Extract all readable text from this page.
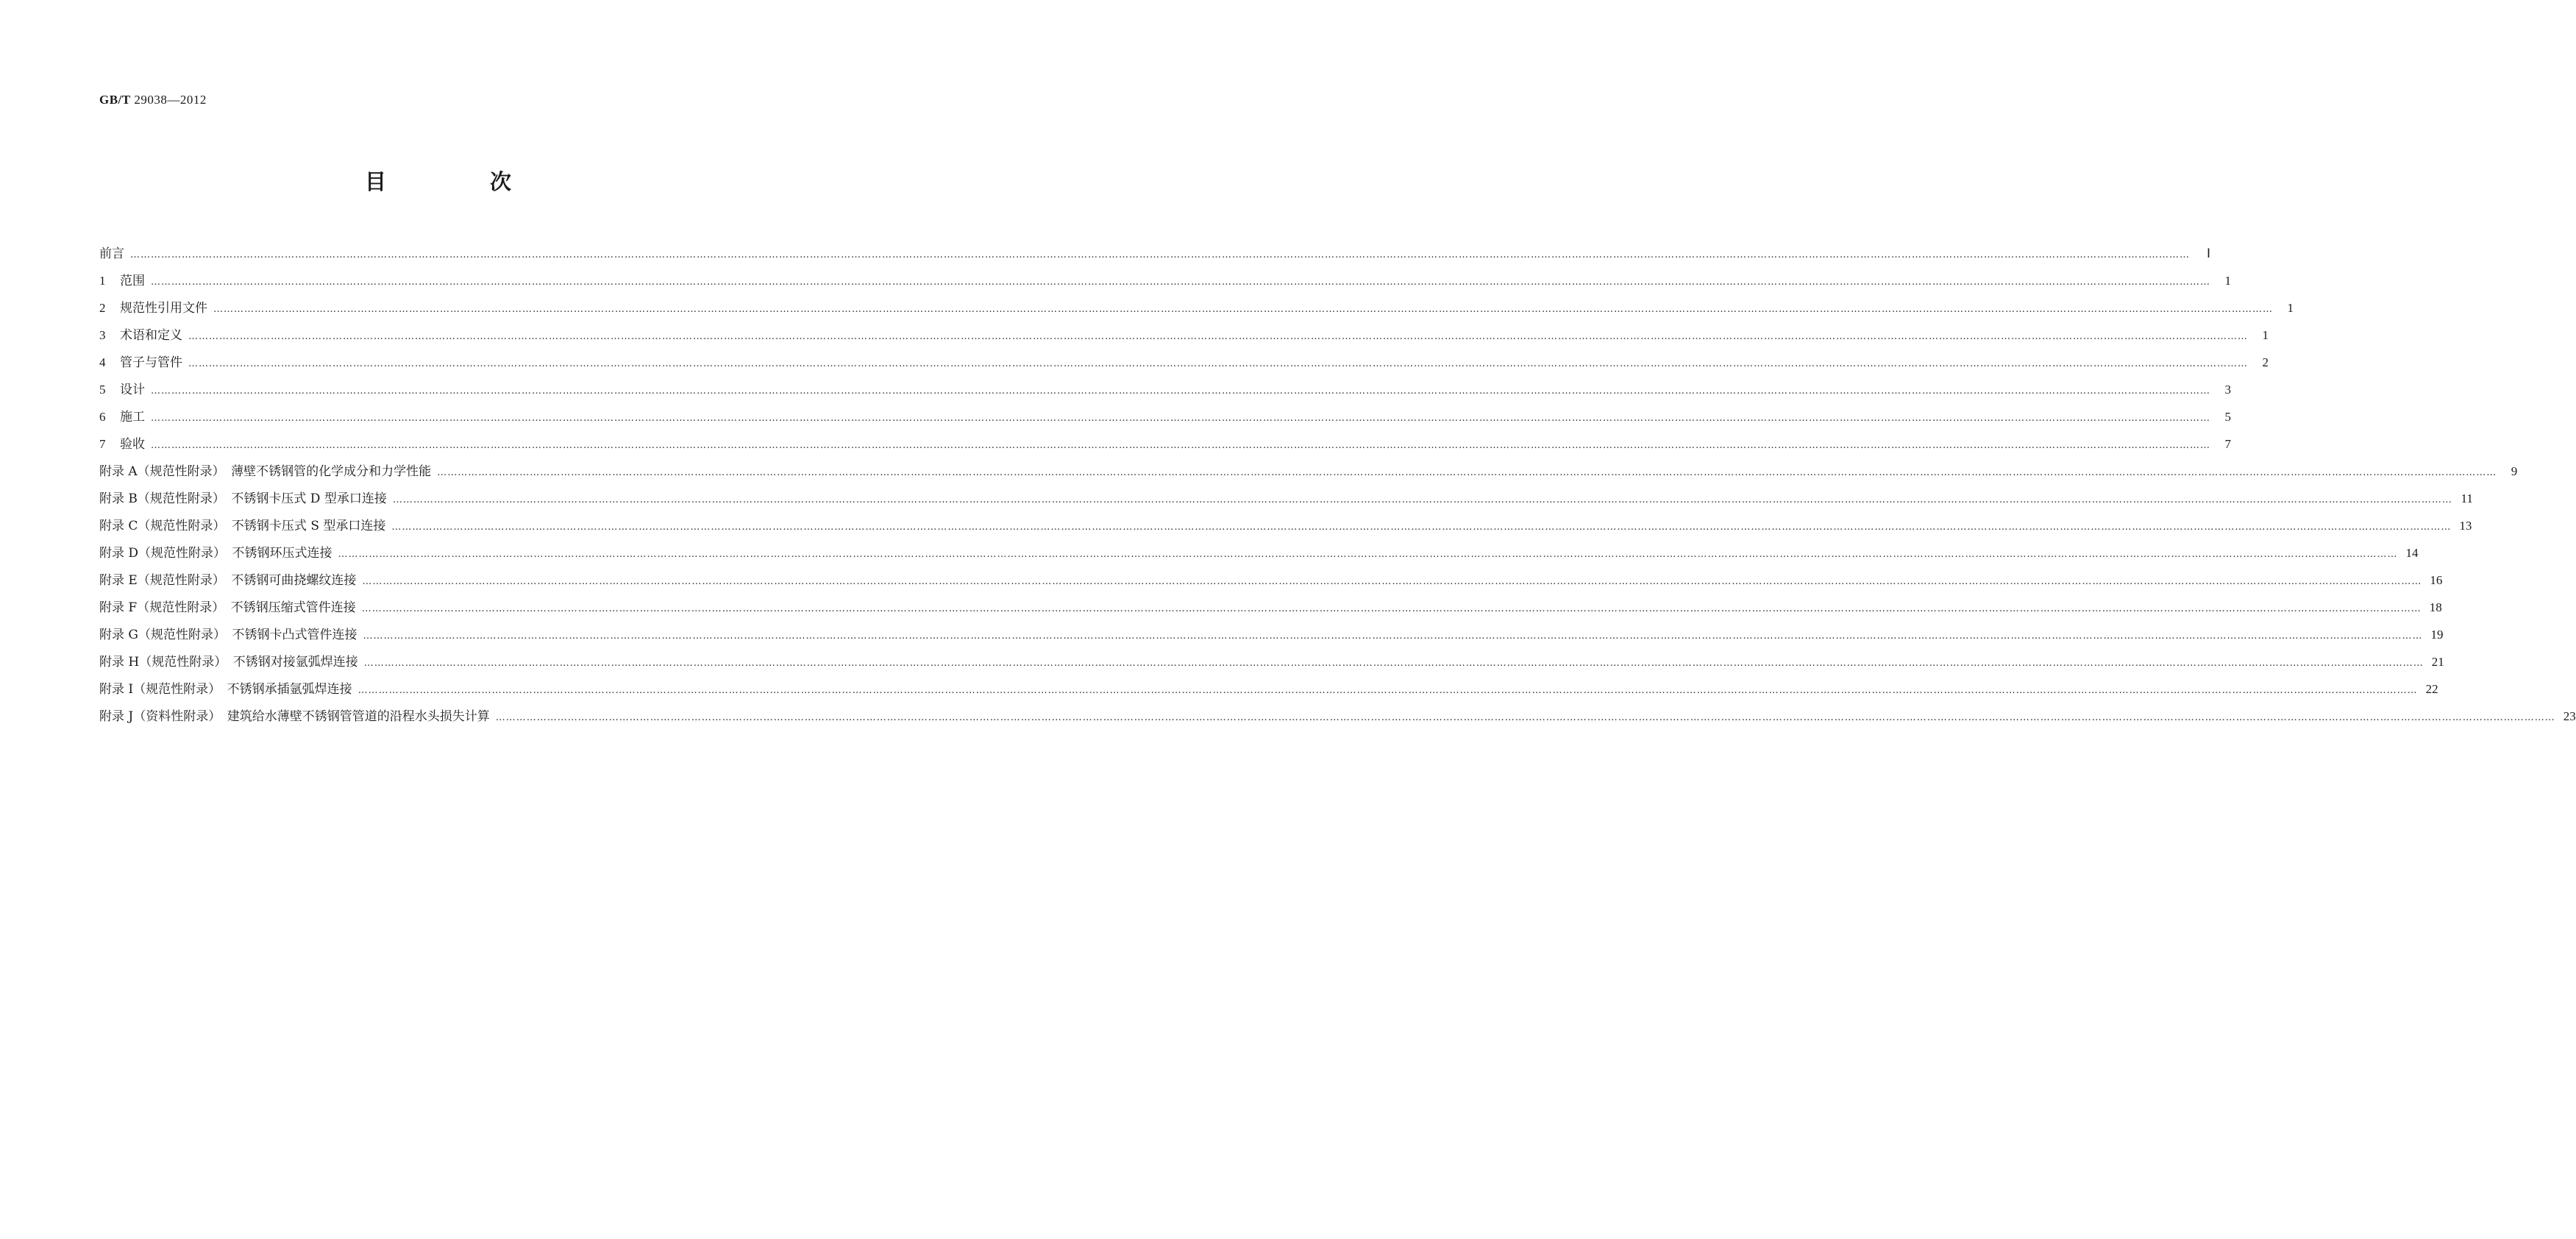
GB/T 29038—2012
目　次
前言 ……………………………………………………………………………………………………………………………………………………………………………………………………………………………………………………………………………………………………………………………………………………………………………………………………………………………………………………………………………………………………………………………………………………	Ⅰ
1 范围 ……………………………………………………………………………………………………………………………………………………………………………………………………………………………………………………………………………………………………………………………………………………………………………………………………………………………………………………………………………………………………………………………………………………	1
2 规范性引用文件 ……………………………………………………………………………………………………………………………………………………………………………………………………………………………………………………………………………………………………………………………………………………………………………………………………………………………………………………………………………………………………………………………………………………	1
3 术语和定义 ……………………………………………………………………………………………………………………………………………………………………………………………………………………………………………………………………………………………………………………………………………………………………………………………………………………………………………………………………………………………………………………………………………………	1
4 管子与管件 ……………………………………………………………………………………………………………………………………………………………………………………………………………………………………………………………………………………………………………………………………………………………………………………………………………………………………………………………………………………………………………………………………………………	2
5 设计 ……………………………………………………………………………………………………………………………………………………………………………………………………………………………………………………………………………………………………………………………………………………………………………………………………………………………………………………………………………………………………………………………………………………	3
6 施工 ……………………………………………………………………………………………………………………………………………………………………………………………………………………………………………………………………………………………………………………………………………………………………………………………………………………………………………………………………………………………………………………………………………………	5
7 验收 ……………………………………………………………………………………………………………………………………………………………………………………………………………………………………………………………………………………………………………………………………………………………………………………………………………………………………………………………………………………………………………………………………………………	7
附录 A（规范性附录）　薄壁不锈钢管的化学成分和力学性能 ……………………………………………………………………………………………………………………………………………………………………………………………………………………………………………………………………………………………………………………………………………………………………………………………………………………………………………………………………………………………………………………………………………………	9
附录 B（规范性附录）　不锈钢卡压式 D 型承口连接 …………………………………………………………………………………………………………………………………………………………………………………………………………………………………………………………………………………………………………………………………………………………………………………………………………………………………………………………………………………………………………………………………………………… 11
附录 C（规范性附录）　不锈钢卡压式 S 型承口连接 …………………………………………………………………………………………………………………………………………………………………………………………………………………………………………………………………………………………………………………………………………………………………………………………………………………………………………………………………………………………………………………………………………………… 13
附录 D（规范性附录）　不锈钢环压式连接 …………………………………………………………………………………………………………………………………………………………………………………………………………………………………………………………………………………………………………………………………………………………………………………………………………………………………………………………………………………………………………………………………………………… 14
附录 E（规范性附录）　不锈钢可曲挠螺纹连接 …………………………………………………………………………………………………………………………………………………………………………………………………………………………………………………………………………………………………………………………………………………………………………………………………………………………………………………………………………………………………………………………………………………… 16
附录 F（规范性附录）　不锈钢压缩式管件连接 …………………………………………………………………………………………………………………………………………………………………………………………………………………………………………………………………………………………………………………………………………………………………………………………………………………………………………………………………………………………………………………………………………………… 18
附录 G（规范性附录）　不锈钢卡凸式管件连接 …………………………………………………………………………………………………………………………………………………………………………………………………………………………………………………………………………………………………………………………………………………………………………………………………………………………………………………………………………………………………………………………………………………… 19
附录 H（规范性附录）　不锈钢对接氩弧焊连接 …………………………………………………………………………………………………………………………………………………………………………………………………………………………………………………………………………………………………………………………………………………………………………………………………………………………………………………………………………………………………………………………………………………… 21
附录 I（规范性附录）　不锈钢承插氩弧焊连接 …………………………………………………………………………………………………………………………………………………………………………………………………………………………………………………………………………………………………………………………………………………………………………………………………………………………………………………………………………………………………………………………………………………… 22
附录 J（资料性附录）　建筑给水薄壁不锈钢管管道的沿程水头损失计算 …………………………………………………………………………………………………………………………………………………………………………………………………………………………………………………………………………………………………………………………………………………………………………………………………………………………………………………………………………………………………………………………………………………… 23
